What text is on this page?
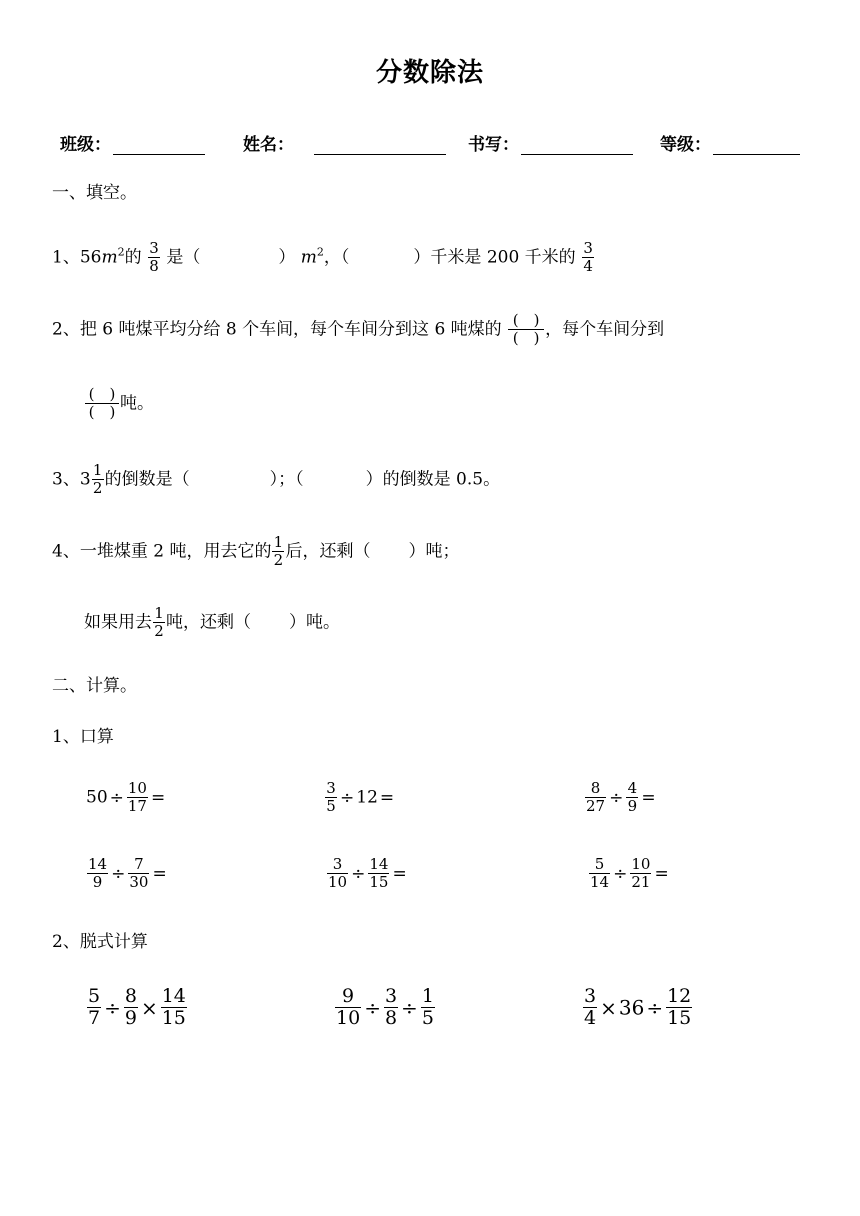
分数除法
班级：	姓名：	书写：	等级：
一、填空。
1、$56m^2$的 $\frac{3}{8}$ 是（	） $m^2$，（	）千米是 200 千米的 $\frac{3}{4}$
2、把 6 吨煤平均分给 8 个车间，每个车间分到这 6 吨煤的 $\frac{( )}{( )}$ ，每个车间分到
$\frac{( )}{( )}$ 吨。
3、$3 \frac{1}{2}$ 的倒数是（	）；（	）的倒数是 0.5。
4、一堆煤重 2 吨，用去它的 $\frac{1}{2}$ 后，还剩（ ）吨；
如果用去 $\frac{1}{2}$ 吨，还剩（ ）吨。
二、计算。
1、口算
$50 \div \frac{10}{17}$ =	$\frac{3}{5} \div 12$ =	$\frac{8}{27} \div \frac{4}{9}$ =
$\frac{14}{9} \div \frac{7}{30}$ =	$\frac{3}{10} \div \frac{14}{15}$ =	$\frac{5}{14} \div \frac{10}{21}$ =
2、脱式计算
$\frac{5}{7} \div \frac{8}{9} \times \frac{14}{15}$	$\frac{9}{10} \div \frac{3}{8} \div \frac{1}{5}$	$\frac{3}{4} \times 36 \div \frac{12}{15}$
